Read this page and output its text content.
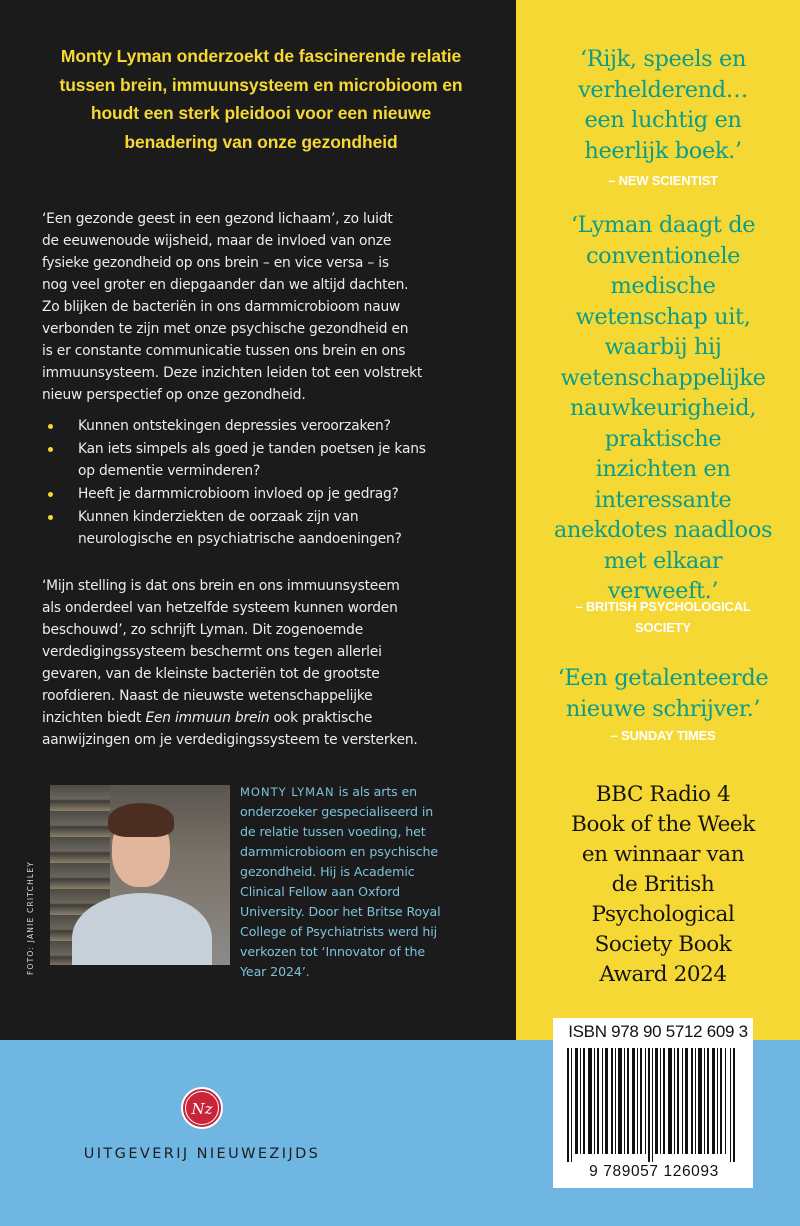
Monty Lyman onderzoekt de fascinerende relatie
tussen brein, immuunsysteem en microbioom en
houdt een sterk pleidooi voor een nieuwe
benadering van onze gezondheid
‘Een gezonde geest in een gezond lichaam’, zo luidt
de eeuwenoude wijsheid, maar de invloed van onze
fysieke gezondheid op ons brein – en vice versa – is
nog veel groter en diepgaander dan we altijd dachten.
Zo blijken de bacteriën in ons darmmicrobioom nauw
verbonden te zijn met onze psychische gezondheid en
is er constante communicatie tussen ons brein en ons
immuunsysteem. Deze inzichten leiden tot een volstrekt
nieuw perspectief op onze gezondheid.
Kunnen ontstekingen depressies veroorzaken?
Kan iets simpels als goed je tanden poetsen je kans
op dementie verminderen?
Heeft je darmmicrobioom invloed op je gedrag?
Kunnen kinderziekten de oorzaak zijn van
neurologische en psychiatrische aandoeningen?
‘Mijn stelling is dat ons brein en ons immuunsysteem
als onderdeel van hetzelfde systeem kunnen worden
beschouwd’, zo schrijft Lyman. Dit zogenoemde
verdedigingssysteem beschermt ons tegen allerlei
gevaren, van de kleinste bacteriën tot de grootste
roofdieren. Naast de nieuwste wetenschappelijke
inzichten biedt Een immuun brein ook praktische
aanwijzingen om je verdedigingssysteem te versterken.
FOTO: JANIE CRITCHLEY
MONTY LYMAN is als arts en
onderzoeker gespecialiseerd in
de relatie tussen voeding, het
darmmicrobioom en psychische
gezondheid. Hij is Academic
Clinical Fellow aan Oxford
University. Door het Britse Royal
College of Psychiatrists werd hij
verkozen tot ‘Innovator of the
Year 2024’.
‘Rijk, speels en
verhelderend…
een luchtig en
heerlijk boek.’
– NEW SCIENTIST
‘Lyman daagt de
conventionele
medische
wetenschap uit,
waarbij hij
wetenschappelijke
nauwkeurigheid,
praktische
inzichten en
interessante
anekdotes naadloos
met elkaar
verweeft.’
– BRITISH PSYCHOLOGICAL
SOCIETY
‘Een getalenteerde
nieuwe schrijver.’
– SUNDAY TIMES
BBC Radio 4
Book of the Week
en winnaar van
de British
Psychological
Society Book
Award 2024
ISBN 978 90 5712 609 3
9 789057 126093
Nz
UITGEVERIJ NIEUWEZIJDS
